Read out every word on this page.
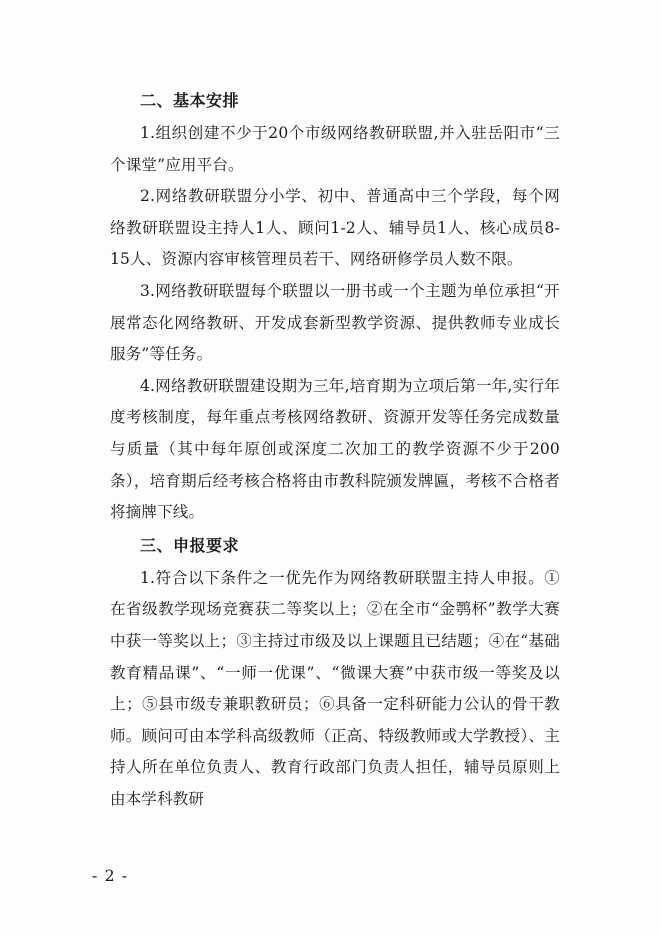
二、基本安排

1.组织创建不少于20个市级网络教研联盟,并入驻岳阳市“三个课堂”应用平台。

2.网络教研联盟分小学、初中、普通高中三个学段，每个网络教研联盟设主持人1人、顾问1-2人、辅导员1人、核心成员8-15人、资源内容审核管理员若干、网络研修学员人数不限。

3.网络教研联盟每个联盟以一册书或一个主题为单位承担“开展常态化网络教研、开发成套新型教学资源、提供教师专业成长服务”等任务。

4.网络教研联盟建设期为三年,培育期为立项后第一年,实行年度考核制度，每年重点考核网络教研、资源开发等任务完成数量与质量（其中每年原创或深度二次加工的教学资源不少于200条），培育期后经考核合格将由市教科院颁发牌匾，考核不合格者将摘牌下线。

三、申报要求

1.符合以下条件之一优先作为网络教研联盟主持人申报。①在省级教学现场竞赛获二等奖以上；②在全市“金鹗杯”教学大赛中获一等奖以上；③主持过市级及以上课题且已结题；④在“基础教育精品课”、“一师一优课”、“微课大赛”中获市级一等奖及以上；⑤县市级专兼职教研员；⑥具备一定科研能力公认的骨干教师。顾问可由本学科高级教师（正高、特级教师或大学教授）、主持人所在单位负责人、教育行政部门负责人担任，辅导员原则上由本学科教研

- 2 -
